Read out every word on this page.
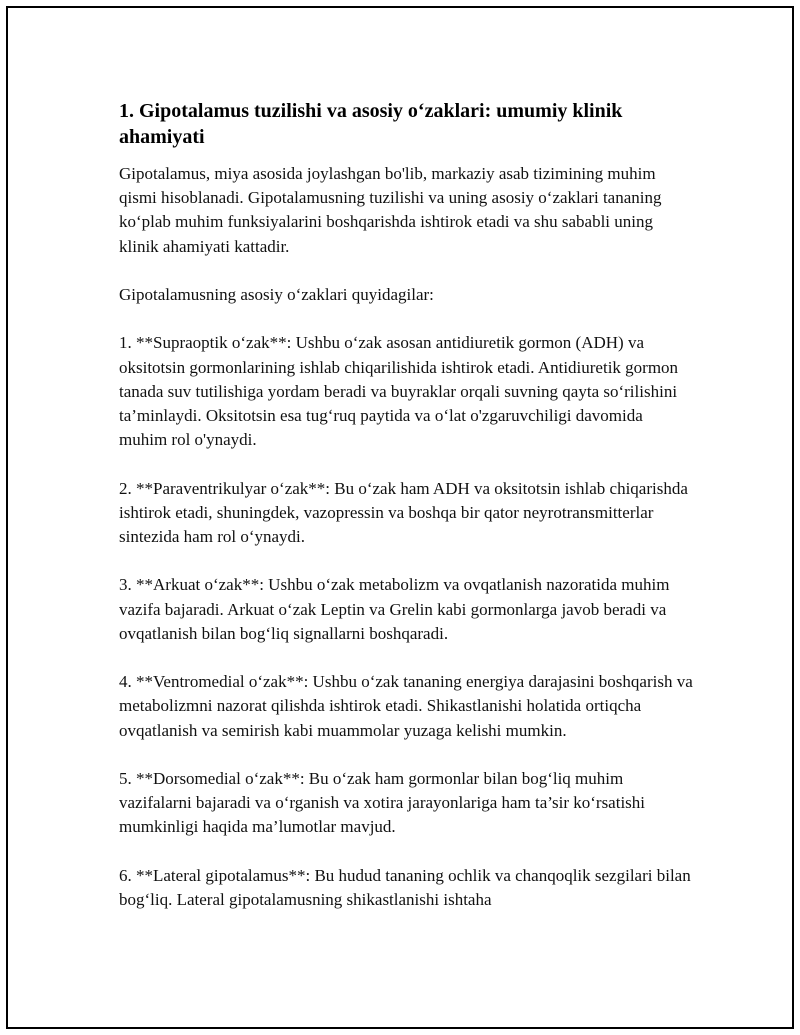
1. Gipotalamus tuzilishi va asosiy o‘zaklari: umumiy klinik ahamiyati

Gipotalamus, miya asosida joylashgan bo'lib, markaziy asab tizimining muhim qismi hisoblanadi. Gipotalamusning tuzilishi va uning asosiy o‘zaklari tananing ko‘plab muhim funksiyalarini boshqarishda ishtirok etadi va shu sababli uning klinik ahamiyati kattadir.

Gipotalamusning asosiy o‘zaklari quyidagilar:

1. **Supraoptik o‘zak**: Ushbu o‘zak asosan antidiuretik gormon (ADH) va oksitotsin gormonlarining ishlab chiqarilishida ishtirok etadi. Antidiuretik gormon tanada suv tutilishiga yordam beradi va buyraklar orqali suvning qayta so‘rilishini ta’minlaydi. Oksitotsin esa tug‘ruq paytida va o‘lat o'zgaruvchiligi davomida muhim rol o'ynaydi.

2. **Paraventrikulyar o‘zak**: Bu o‘zak ham ADH va oksitotsin ishlab chiqarishda ishtirok etadi, shuningdek, vazopressin va boshqa bir qator neyrotransmitterlar sintezida ham rol o‘ynaydi.

3. **Arkuat o‘zak**: Ushbu o‘zak metabolizm va ovqatlanish nazoratida muhim vazifa bajaradi. Arkuat o‘zak Leptin va Grelin kabi gormonlarga javob beradi va ovqatlanish bilan bog‘liq signallarni boshqaradi.

4. **Ventromedial o‘zak**: Ushbu o‘zak tananing energiya darajasini boshqarish va metabolizmni nazorat qilishda ishtirok etadi. Shikastlanishi holatida ortiqcha ovqatlanish va semirish kabi muammolar yuzaga kelishi mumkin.

5. **Dorsomedial o‘zak**: Bu o‘zak ham gormonlar bilan bog‘liq muhim vazifalarni bajaradi va o‘rganish va xotira jarayonlariga ham ta’sir ko‘rsatishi mumkinligi haqida ma’lumotlar mavjud.

6. **Lateral gipotalamus**: Bu hudud tananing ochlik va chanqoqlik sezgilari bilan bog‘liq. Lateral gipotalamusning shikastlanishi ishtaha
